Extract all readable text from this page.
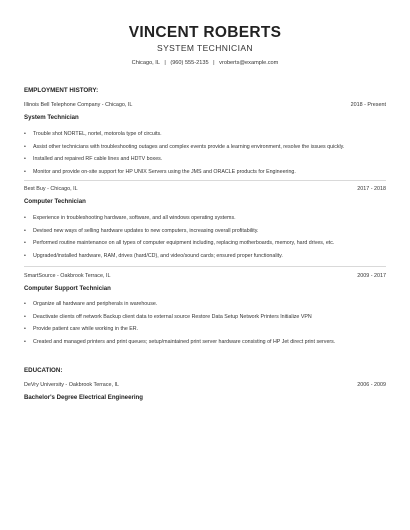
VINCENT ROBERTS
SYSTEM TECHNICIAN
Chicago, IL | (960) 555-2135 | vroberts@example.com
EMPLOYMENT HISTORY:
Illinois Bell Telephone Company - Chicago, IL	2018 - Present
System Technician
• Trouble shot NORTEL, nortel, motorola type of circuits.
• Assist other technicians with troubleshooting outages and complex events provide a learning environment, resolve the issues quickly.
• Installed and repaired RF cable lines and HDTV boxes.
• Monitor and provide on-site support for HP UNIX Servers using the JMS and ORACLE products for Engineering.
Best Buy - Chicago, IL	2017 - 2018
Computer Technician
• Experience in troubleshooting hardware, software, and all windows operating systems.
• Devised new ways of selling hardware updates to new computers, increasing overall profitability.
• Performed routine maintenance on all types of computer equipment including, replacing motherboards, memory, hard drives, etc.
• Upgraded/installed hardware, RAM, drives (hard/CD), and video/sound cards; ensured proper functionality.
SmartSource - Oakbrook Terrace, IL	2009 - 2017
Computer Support Technician
• Organize all hardware and peripherals in warehouse.
• Deactivate clients off network Backup client data to external source Restore Data Setup Network Printers Initialize VPN
• Provide patient care while working in the ER.
• Created and managed printers and print queues; setup/maintained print server hardware consisting of HP Jet direct print servers.
EDUCATION:
DeVry University - Oakbrook Terrace, IL	2006 - 2009
Bachelor's Degree Electrical Engineering
